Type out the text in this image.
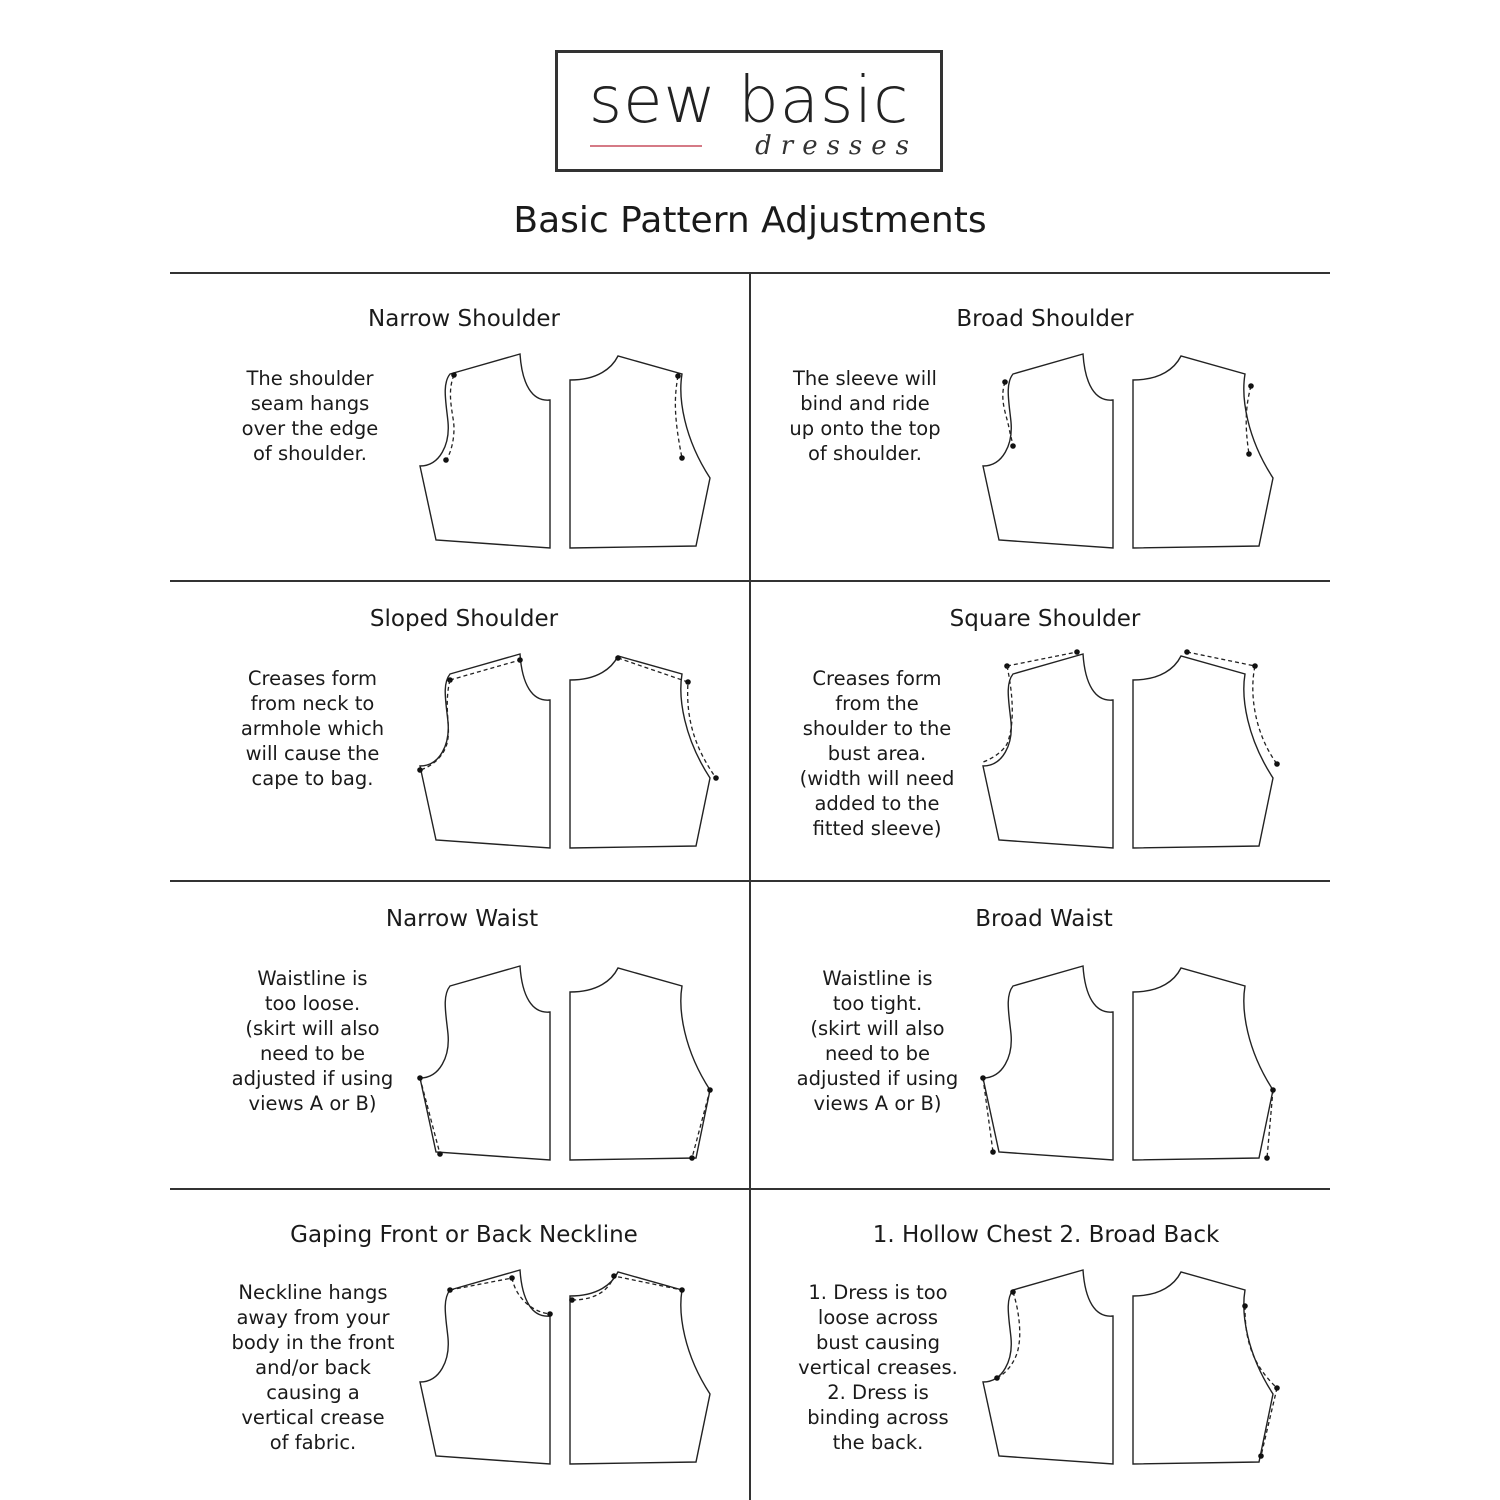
sew basic
dresses
Basic Pattern Adjustments
Narrow Shoulder
The shoulder
seam hangs
over the edge
of shoulder.
Broad Shoulder
The sleeve will
bind and ride
up onto the top
of shoulder.
Sloped Shoulder
Creases form
from neck to
armhole which
will cause the
cape to bag.
Square Shoulder
Creases form
from the
shoulder to the
bust area.
(width will need
added to the
fitted sleeve)
Narrow Waist
Waistline is
too loose.
(skirt will also
need to be
adjusted if using
views A or B)
Broad Waist
Waistline is
too tight.
(skirt will also
need to be
adjusted if using
views A or B)
Gaping Front or Back Neckline
Neckline hangs
away from your
body in the front
and/or back
causing a
vertical crease
of fabric.
1. Hollow Chest 2. Broad Back
1. Dress is too
loose across
bust causing
vertical creases.
2. Dress is
binding across
the back.
